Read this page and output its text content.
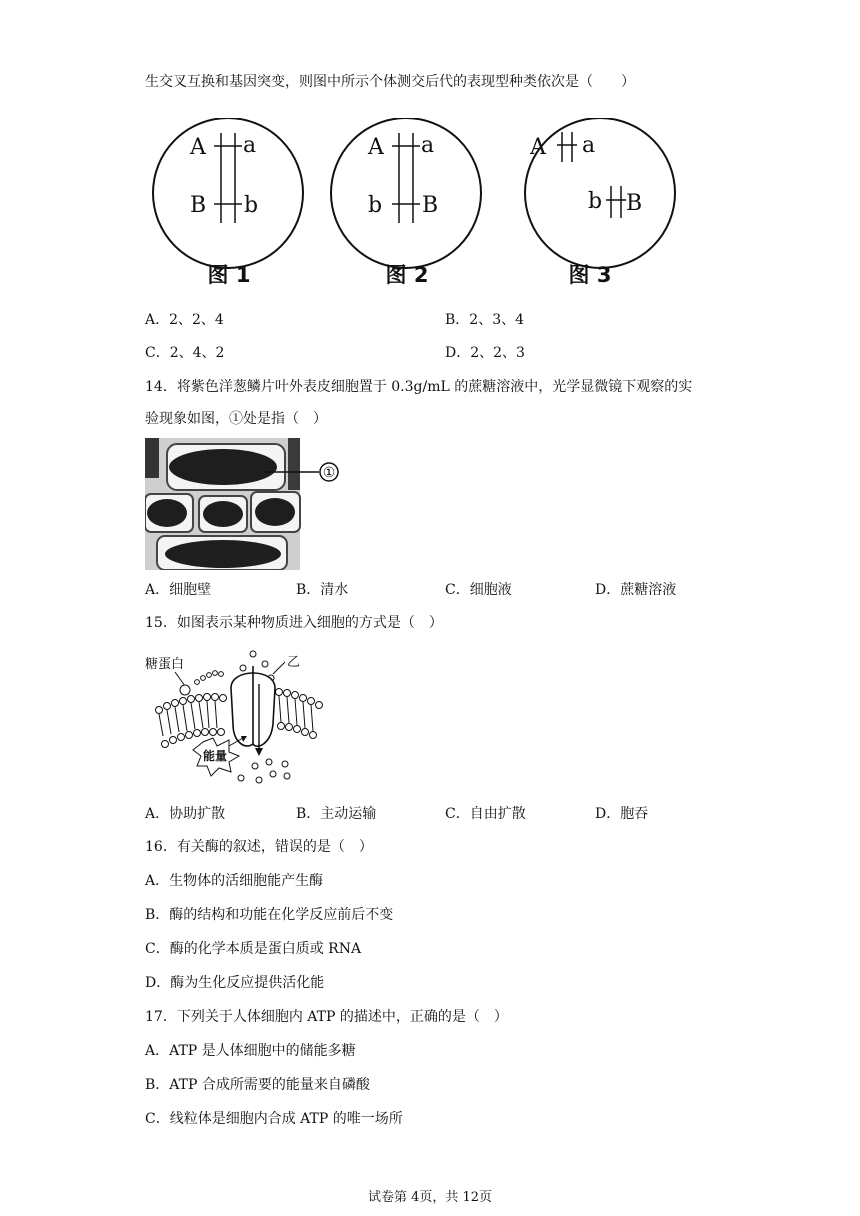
生交叉互换和基因突变，则图中所示个体测交后代的表现型种类依次是（　　）
A a
B b
A a
b B
A a
b B
图 1	图 2	图 3
A．2、2、4	B．2、3、4
C．2、4、2	D．2、2、3
14．将紫色洋葱鳞片叶外表皮细胞置于 0.3g/mL 的蔗糖溶液中，光学显微镜下观察的实
验现象如图，①处是指（　）
①
A．细胞壁	B．清水	C．细胞液	D．蔗糖溶液
15．如图表示某种物质进入细胞的方式是（　）
糖蛋白	乙
能量
A．协助扩散	B．主动运输	C．自由扩散	D．胞吞
16．有关酶的叙述，错误的是（　）
A．生物体的活细胞能产生酶
B．酶的结构和功能在化学反应前后不变
C．酶的化学本质是蛋白质或 RNA
D．酶为生化反应提供活化能
17．下列关于人体细胞内 ATP 的描述中，正确的是（　）
A．ATP 是人体细胞中的储能多糖
B．ATP 合成所需要的能量来自磷酸
C．线粒体是细胞内合成 ATP 的唯一场所
试卷第 4页，共 12页
